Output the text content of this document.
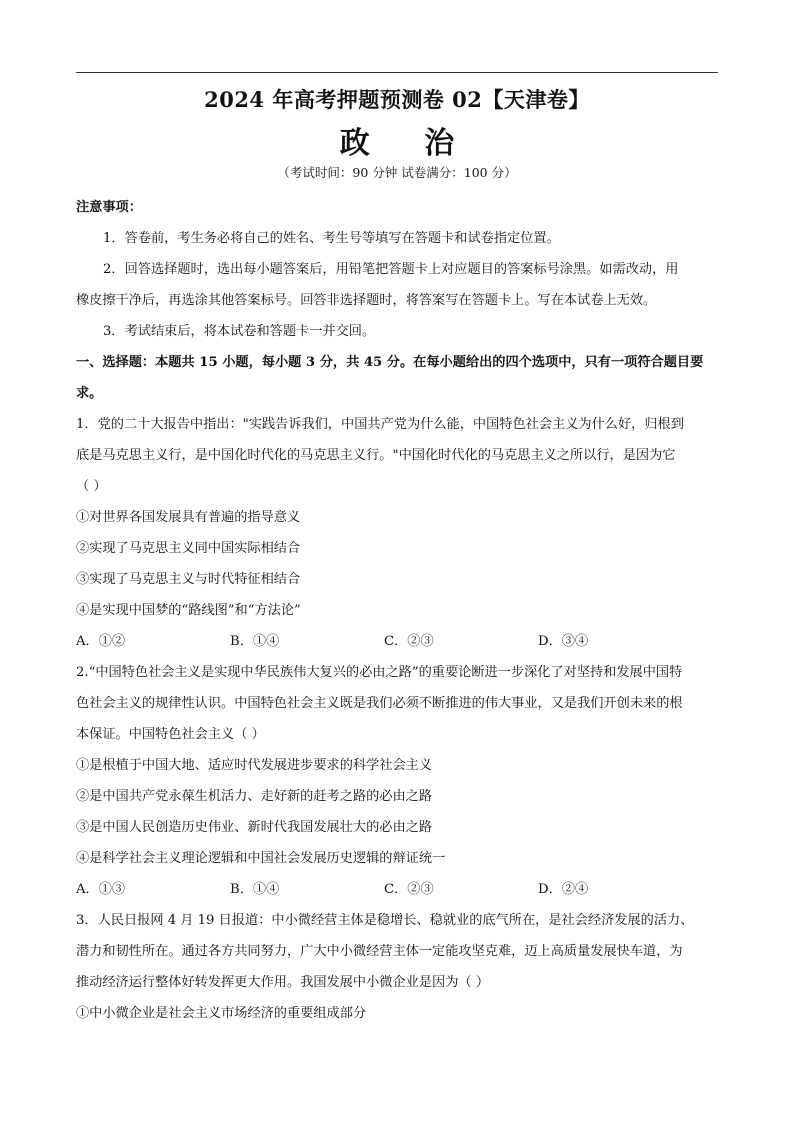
2024 年高考押题预测卷 02【天津卷】
政 治
（考试时间：90 分钟 试卷满分：100 分）
注意事项：
1．答卷前，考生务必将自己的姓名、考生号等填写在答题卡和试卷指定位置。
2．回答选择题时，选出每小题答案后，用铅笔把答题卡上对应题目的答案标号涂黑。如需改动，用
橡皮擦干净后，再选涂其他答案标号。回答非选择题时，将答案写在答题卡上。写在本试卷上无效。
3．考试结束后，将本试卷和答题卡一并交回。
一、选择题：本题共 15 小题，每小题 3 分，共 45 分。在每小题给出的四个选项中，只有一项符合题目要
求。
1．党的二十大报告中指出："实践告诉我们，中国共产党为什么能，中国特色社会主义为什么好，归根到
底是马克思主义行，是中国化时代化的马克思主义行。"中国化时代化的马克思主义之所以行，是因为它
（ ）
①对世界各国发展具有普遍的指导意义
②实现了马克思主义同中国实际相结合
③实现了马克思主义与时代特征相结合
④是实现中国梦的“路线图”和“方法论”
A．①②	B．①④	C．②③	D．③④
2.“中国特色社会主义是实现中华民族伟大复兴的必由之路”的重要论断进一步深化了对坚持和发展中国特
色社会主义的规律性认识。中国特色社会主义既是我们必须不断推进的伟大事业，又是我们开创未来的根
本保证。中国特色社会主义（ ）
①是根植于中国大地、适应时代发展进步要求的科学社会主义
②是中国共产党永葆生机活力、走好新的赶考之路的必由之路
③是中国人民创造历史伟业、新时代我国发展壮大的必由之路
④是科学社会主义理论逻辑和中国社会发展历史逻辑的辩证统一
A．①③	B．①④	C．②③	D．②④
3．人民日报网 4 月 19 日报道：中小微经营主体是稳增长、稳就业的底气所在，是社会经济发展的活力、
潜力和韧性所在。通过各方共同努力，广大中小微经营主体一定能攻坚克难，迈上高质量发展快车道，为
推动经济运行整体好转发挥更大作用。我国发展中小微企业是因为（ ）
①中小微企业是社会主义市场经济的重要组成部分
